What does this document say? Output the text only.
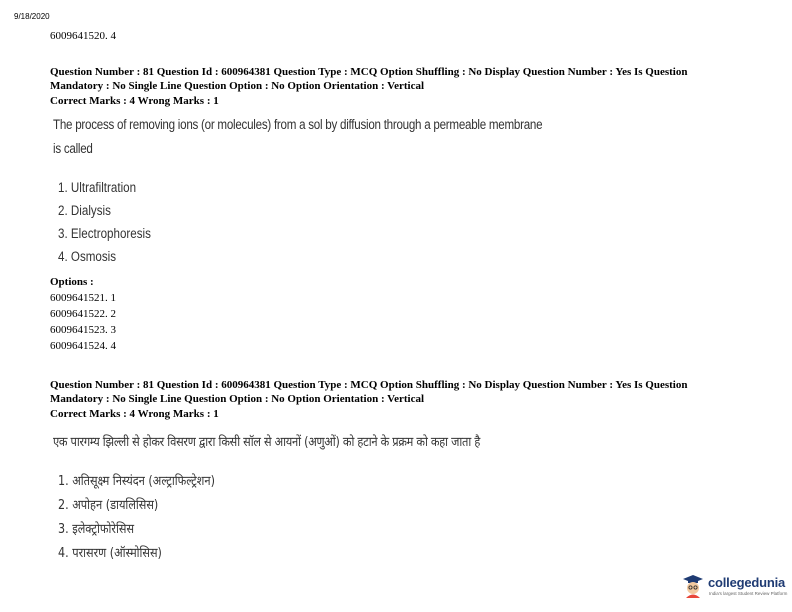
9/18/2020
6009641520. 4
Question Number : 81 Question Id : 600964381 Question Type : MCQ Option Shuffling : No Display Question Number : Yes Is Question
Mandatory : No Single Line Question Option : No Option Orientation : Vertical
Correct Marks : 4 Wrong Marks : 1
The process of removing ions (or molecules) from a sol by diffusion through a permeable membrane
is called
1. Ultrafiltration
2. Dialysis
3. Electrophoresis
4. Osmosis
Options :
6009641521. 1
6009641522. 2
6009641523. 3
6009641524. 4
Question Number : 81 Question Id : 600964381 Question Type : MCQ Option Shuffling : No Display Question Number : Yes Is Question
Mandatory : No Single Line Question Option : No Option Orientation : Vertical
Correct Marks : 4 Wrong Marks : 1
एक पारगम्य झिल्ली से होकर विसरण द्वारा किसी सॉल से आयनों (अणुओं) को हटाने के प्रक्रम को कहा जाता है
1. अतिसूक्ष्म निस्यंदन (अल्ट्राफिल्ट्रेशन)
2. अपोहन (डायलिसिस)
3. इलेक्ट्रोफोरेसिस
4. परासरण (ऑस्मोसिस)
collegedunia
India's largest Student Review Platform
